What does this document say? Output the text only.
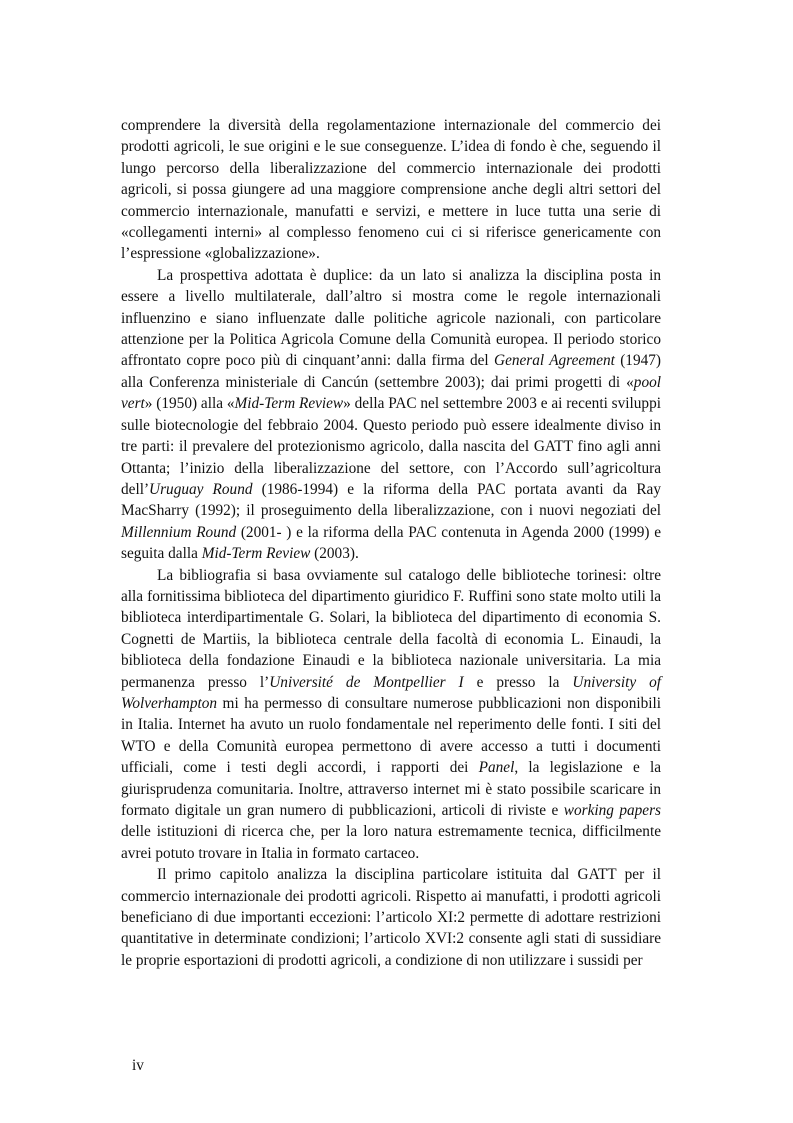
comprendere la diversità della regolamentazione internazionale del commercio dei prodotti agricoli, le sue origini e le sue conseguenze. L’idea di fondo è che, seguendo il lungo percorso della liberalizzazione del commercio internazionale dei prodotti agricoli, si possa giungere ad una maggiore comprensione anche degli altri settori del commercio internazionale, manufatti e servizi, e mettere in luce tutta una serie di «collegamenti interni» al complesso fenomeno cui ci si riferisce genericamente con l’espressione «globalizzazione».

La prospettiva adottata è duplice: da un lato si analizza la disciplina posta in essere a livello multilaterale, dall’altro si mostra come le regole internazionali influenzino e siano influenzate dalle politiche agricole nazionali, con particolare attenzione per la Politica Agricola Comune della Comunità europea. Il periodo storico affrontato copre poco più di cinquant’anni: dalla firma del General Agreement (1947) alla Conferenza ministeriale di Cancún (settembre 2003); dai primi progetti di «pool vert» (1950) alla «Mid-Term Review» della PAC nel settembre 2003 e ai recenti sviluppi sulle biotecnologie del febbraio 2004. Questo periodo può essere idealmente diviso in tre parti: il prevalere del protezionismo agricolo, dalla nascita del GATT fino agli anni Ottanta; l’inizio della liberalizzazione del settore, con l’Accordo sull’agricoltura dell’Uruguay Round (1986-1994) e la riforma della PAC portata avanti da Ray MacSharry (1992); il proseguimento della liberalizzazione, con i nuovi negoziati del Millennium Round (2001- ) e la riforma della PAC contenuta in Agenda 2000 (1999) e seguita dalla Mid-Term Review (2003).

La bibliografia si basa ovviamente sul catalogo delle biblioteche torinesi: oltre alla fornitissima biblioteca del dipartimento giuridico F. Ruffini sono state molto utili la biblioteca interdipartimentale G. Solari, la biblioteca del dipartimento di economia S. Cognetti de Martiis, la biblioteca centrale della facoltà di economia L. Einaudi, la biblioteca della fondazione Einaudi e la biblioteca nazionale universitaria. La mia permanenza presso l’Université de Montpellier I e presso la University of Wolverhampton mi ha permesso di consultare numerose pubblicazioni non disponibili in Italia. Internet ha avuto un ruolo fondamentale nel reperimento delle fonti. I siti del WTO e della Comunità europea permettono di avere accesso a tutti i documenti ufficiali, come i testi degli accordi, i rapporti dei Panel, la legislazione e la giurisprudenza comunitaria. Inoltre, attraverso internet mi è stato possibile scaricare in formato digitale un gran numero di pubblicazioni, articoli di riviste e working papers delle istituzioni di ricerca che, per la loro natura estremamente tecnica, difficilmente avrei potuto trovare in Italia in formato cartaceo.

Il primo capitolo analizza la disciplina particolare istituita dal GATT per il commercio internazionale dei prodotti agricoli. Rispetto ai manufatti, i prodotti agricoli beneficiano di due importanti eccezioni: l’articolo XI:2 permette di adottare restrizioni quantitative in determinate condizioni; l’articolo XVI:2 consente agli stati di sussidiare le proprie esportazioni di prodotti agricoli, a condizione di non utilizzare i sussidi per

iv
